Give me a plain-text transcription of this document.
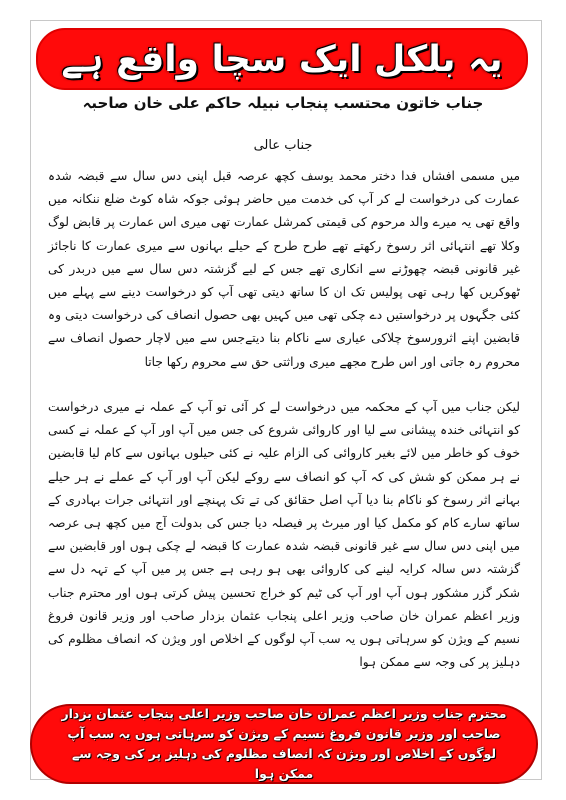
یہ بلکل ایک سچا واقع ہے
جناب خاتون محتسب پنجاب نبیلہ حاکم علی خان صاحبہ
جناب عالی

میں مسمی افشاں فدا دختر محمد یوسف کچھ عرصہ قبل اپنی دس سال سے قبضہ شدہ عمارت کی درخواست لے کر آپ کی خدمت میں حاضر ہوئی جوکہ شاہ کوٹ ضلع ننکانہ میں واقع تھی یہ میرے والد مرحوم کی قیمتی کمرشل عمارت تھی میری اس عمارت پر قابض لوگ وکلا تھے انتہائی اثر رسوخ رکھتے تھے طرح طرح کے حیلے بہانوں سے میری عمارت کا ناجائز غیر قانونی قبضہ چھوڑنے سے انکاری تھے جس کے لیے گزشتہ دس سال سے میں دربدر کی ٹھوکریں کھا رہی تھی پولیس تک ان کا ساتھ دیتی تھی آپ کو درخواست دینے سے پہلے میں کئی جگہوں پر درخواستیں دے چکی تھی میں کہیں بھی حصول انصاف کی درخواست دیتی وہ قابضین اپنے اثرورسوخ چلاکی عیاری سے ناکام بنا دیتےجس سے میں لاچار حصول انصاف سے محروم رہ جاتی اور اس طرح مجھے میری وراثتی حق سے محروم رکھا جاتا

لیکن جناب میں آپ کے محکمہ میں درخواست لے کر آئی تو آپ کے عملہ نے میری درخواست کو انتہائی خندہ پیشانی سے لیا اور کاروائی شروع کی جس میں آپ اور آپ کے عملہ نے کسی خوف کو خاطر میں لائے بغیر کاروائی کی الزام علیہ نے کئی حیلوں بہانوں سے کام لیا قابضین نے ہر ممکن کو شش کی کہ آپ کو انصاف سے روکے لیکن آپ اور آپ کے عملے نے ہر حیلے بہانے اثر رسوخ کو ناکام بنا دیا آپ اصل حقائق کی تے تک پہنچے اور انتہائی جرات بہادری کے ساتھ سارے کام کو مکمل کیا اور میرٹ پر فیصلہ دیا جس کی بدولت آج میں کچھ ہی عرصہ میں اپنی دس سال سے غیر قانونی قبضہ شدہ عمارت کا قبضہ لے چکی ہوں اور قابضین سے گزشتہ دس سالہ کرایہ لینے کی کاروائی بھی ہو رہی ہے جس پر میں آپ کے تہہ دل سے شکر گزر مشکور ہوں آپ اور آپ کی ٹیم کو خراج تحسین پیش کرتی ہوں اور محترم جناب وزیر اعظم عمران خان صاحب وزیر اعلی پنجاب عثمان بزدار صاحب اور وزیر قانون فروغ نسیم کے ویژن کو سرہاتی ہوں یہ سب آپ لوگوں کے اخلاص اور ویژن کہ انصاف مظلوم کی دہلیز پر کی وجہ سے ممکن ہوا

محترم جناب وزیر اعظم عمران خان صاحب وزیر اعلی پنجاب عثمان بزدار صاحب اور وزیر قانون فروغ نسیم کے ویژن کو سرہاتی ہوں یہ سب آپ لوگوں کے اخلاص اور ویژن کہ انصاف مظلوم کی دہلیز پر کی وجہ سے ممکن ہوا
